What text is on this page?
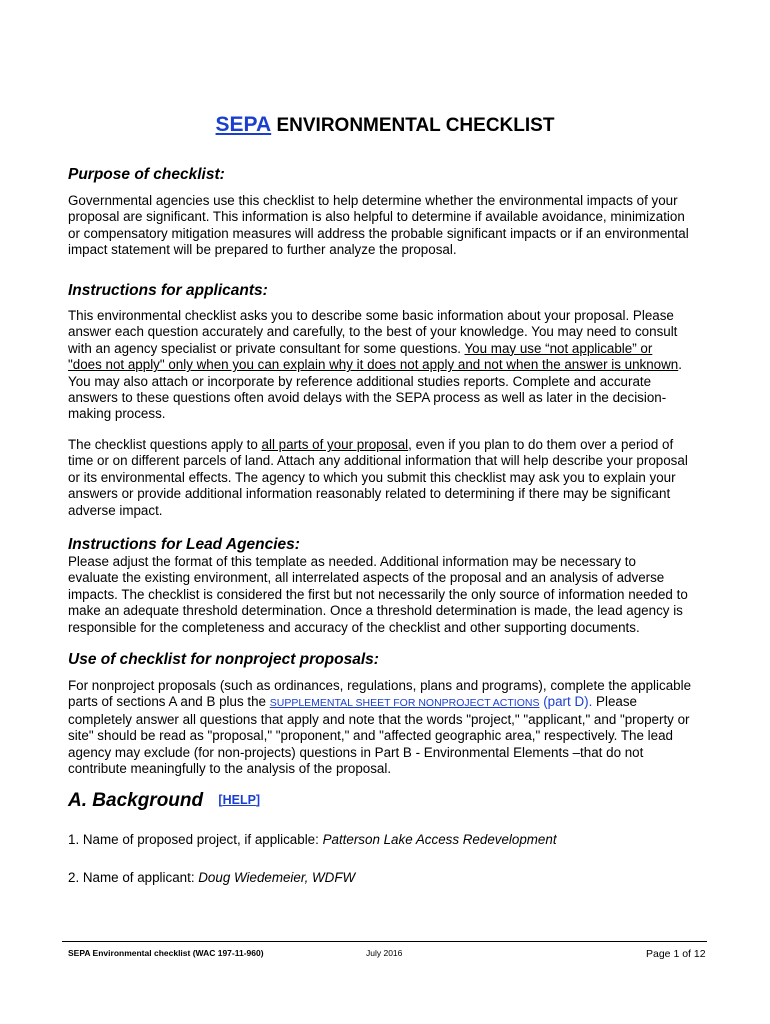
SEPA ENVIRONMENTAL CHECKLIST
Purpose of checklist:
Governmental agencies use this checklist to help determine whether the environmental impacts of your
proposal are significant. This information is also helpful to determine if available avoidance, minimization
or compensatory mitigation measures will address the probable significant impacts or if an environmental
impact statement will be prepared to further analyze the proposal.
Instructions for applicants:
This environmental checklist asks you to describe some basic information about your proposal. Please
answer each question accurately and carefully, to the best of your knowledge. You may need to consult
with an agency specialist or private consultant for some questions. You may use “not applicable” or
"does not apply" only when you can explain why it does not apply and not when the answer is unknown.
You may also attach or incorporate by reference additional studies reports. Complete and accurate
answers to these questions often avoid delays with the SEPA process as well as later in the decision-
making process.
The checklist questions apply to all parts of your proposal, even if you plan to do them over a period of
time or on different parcels of land. Attach any additional information that will help describe your proposal
or its environmental effects. The agency to which you submit this checklist may ask you to explain your
answers or provide additional information reasonably related to determining if there may be significant
adverse impact.
Instructions for Lead Agencies:
Please adjust the format of this template as needed. Additional information may be necessary to
evaluate the existing environment, all interrelated aspects of the proposal and an analysis of adverse
impacts. The checklist is considered the first but not necessarily the only source of information needed to
make an adequate threshold determination. Once a threshold determination is made, the lead agency is
responsible for the completeness and accuracy of the checklist and other supporting documents.
Use of checklist for nonproject proposals:
For nonproject proposals (such as ordinances, regulations, plans and programs), complete the applicable
parts of sections A and B plus the SUPPLEMENTAL SHEET FOR NONPROJECT ACTIONS (part D). Please
completely answer all questions that apply and note that the words "project," "applicant," and "property or
site" should be read as "proposal," "proponent," and "affected geographic area," respectively. The lead
agency may exclude (for non-projects) questions in Part B - Environmental Elements –that do not
contribute meaningfully to the analysis of the proposal.
A. Background [HELP]
1. Name of proposed project, if applicable: Patterson Lake Access Redevelopment
2. Name of applicant: Doug Wiedemeier, WDFW
SEPA Environmental checklist (WAC 197-11-960)	July 2016	Page 1 of 12
